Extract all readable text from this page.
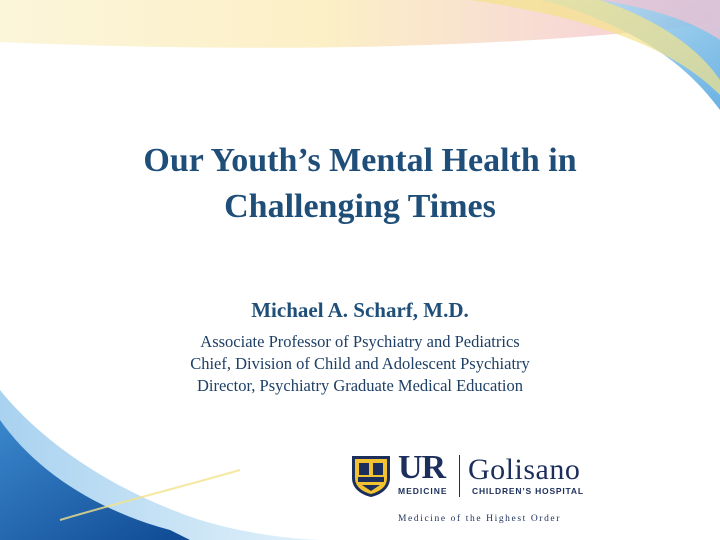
Our Youth’s Mental Health in
Challenging Times
Michael A. Scharf, M.D.
Associate Professor of Psychiatry and Pediatrics
Chief, Division of Child and Adolescent Psychiatry
Director, Psychiatry Graduate Medical Education
UR
MEDICINE
Golisano
CHILDREN’S HOSPITAL
Medicine of the Highest Order
